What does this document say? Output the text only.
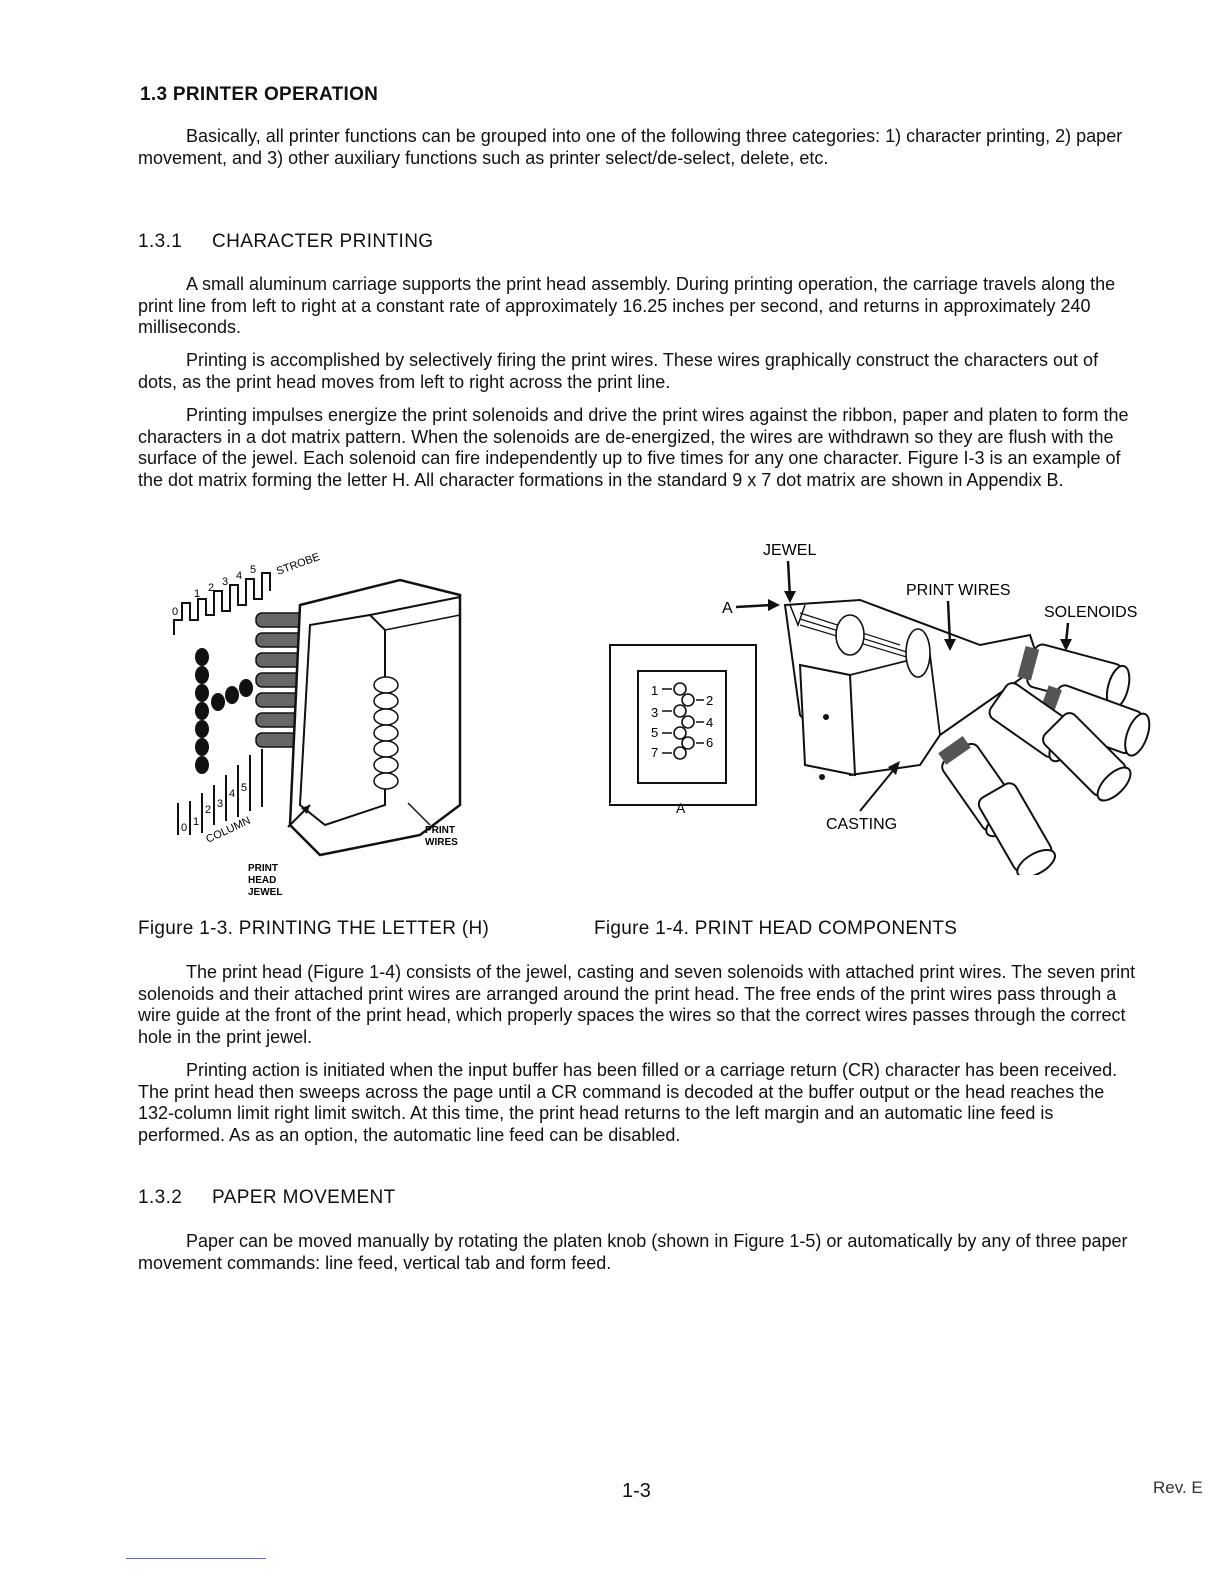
1.3 PRINTER OPERATION

Basically, all printer functions can be grouped into one of the following three categories: 1) character printing, 2) paper movement, and 3) other auxiliary functions such as printer select/de-select, delete, etc.

1.3.1 CHARACTER PRINTING

A small aluminum carriage supports the print head assembly. During printing operation, the carriage travels along the print line from left to right at a constant rate of approximately 16.25 inches per second, and returns in approximately 240 milliseconds.

Printing is accomplished by selectively firing the print wires. These wires graphically construct the characters out of dots, as the print head moves from left to right across the print line.

Printing impulses energize the print solenoids and drive the print wires against the ribbon, paper and platen to form the characters in a dot matrix pattern. When the solenoids are de-energized, the wires are withdrawn so they are flush with the surface of the jewel. Each solenoid can fire independently up to five times for any one character. Figure I-3 is an example of the dot matrix forming the letter H. All character formations in the standard 9 x 7 dot matrix are shown in Appendix B.

0
1 2 3 4 5 STROBE
0 1
2 3
4 5
COLUMN	PRINT
WIRES
PRINT
HEAD
JEWEL
1
3
5
7
2
4
6
A
JEWEL
A
PRINT WIRES
SOLENOIDS
CASTING
Figure 1-3. PRINTING THE LETTER (H)	Figure 1-4. PRINT HEAD COMPONENTS

The print head (Figure 1-4) consists of the jewel, casting and seven solenoids with attached print wires. The seven print solenoids and their attached print wires are arranged around the print head. The free ends of the print wires pass through a wire guide at the front of the print head, which properly spaces the wires so that the correct wires passes through the correct hole in the print jewel.

Printing action is initiated when the input buffer has been filled or a carriage return (CR) character has been received. The print head then sweeps across the page until a CR command is decoded at the buffer output or the head reaches the 132-column limit right limit switch. At this time, the print head returns to the left margin and an automatic line feed is performed. As as an option, the automatic line feed can be disabled.

1.3.2 PAPER MOVEMENT

Paper can be moved manually by rotating the platen knob (shown in Figure 1-5) or automatically by any of three paper movement commands: line feed, vertical tab and form feed.

1-3	Rev. E
